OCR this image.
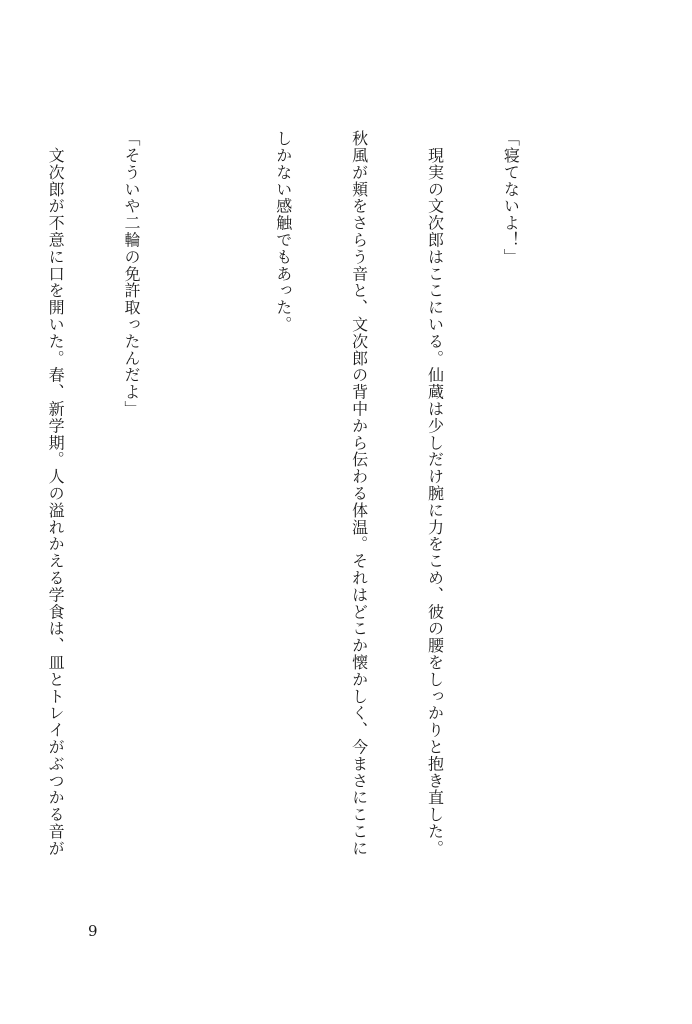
「寝てないよ！」

　現実の文次郎はここにいる。仙蔵は少しだけ腕に力をこめ、彼の腰をしっかりと抱き直した。

秋風が頬をさらう音と、文次郎の背中から伝わる体温。それはどこか懐かしく、今まさにここに

しかない感触でもあった。

「そういや二輪の免許取ったんだよ」

　文次郎が不意に口を開いた。春、新学期。人の溢れかえる学食は、皿とトレイがぶつかる音が

9
